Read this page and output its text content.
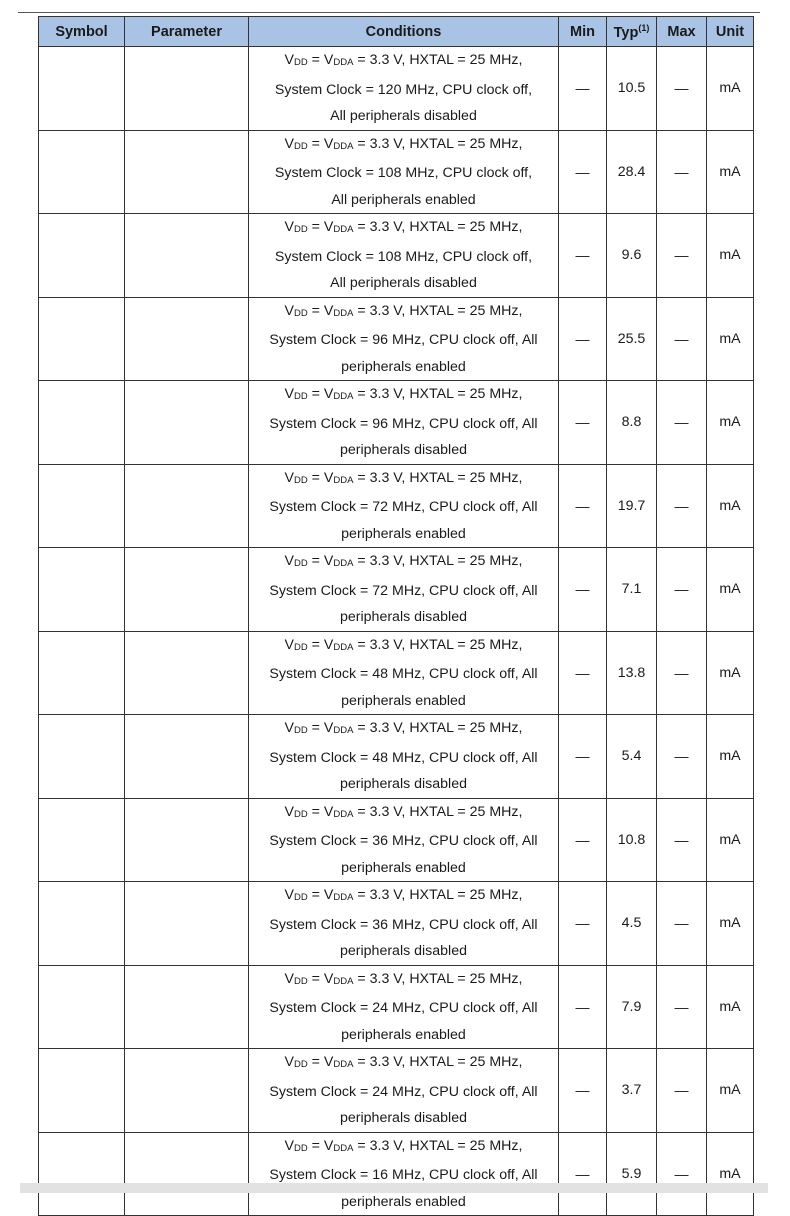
Symbol	Parameter	Conditions	Min	Typ$^{(1)}$	Max	Unit

		$V_{DD} = V_{DDA} = 3.3$ V, HXTAL = 25 MHz,
System Clock = 120 MHz, CPU clock off,
All peripherals disabled	—	10.5	—	mA

		$V_{DD} = V_{DDA} = 3.3$ V, HXTAL = 25 MHz,
System Clock = 108 MHz, CPU clock off,
All peripherals enabled	—	28.4	—	mA

		$V_{DD} = V_{DDA} = 3.3$ V, HXTAL = 25 MHz,
System Clock = 108 MHz, CPU clock off,
All peripherals disabled	—	9.6	—	mA

		$V_{DD} = V_{DDA} = 3.3$ V, HXTAL = 25 MHz,
System Clock = 96 MHz, CPU clock off, All
peripherals enabled	—	25.5	—	mA

		$V_{DD} = V_{DDA} = 3.3$ V, HXTAL = 25 MHz,
System Clock = 96 MHz, CPU clock off, All
peripherals disabled	—	8.8	—	mA

		$V_{DD} = V_{DDA} = 3.3$ V, HXTAL = 25 MHz,
System Clock = 72 MHz, CPU clock off, All
peripherals enabled	—	19.7	—	mA

		$V_{DD} = V_{DDA} = 3.3$ V, HXTAL = 25 MHz,
System Clock = 72 MHz, CPU clock off, All
peripherals disabled	—	7.1	—	mA

		$V_{DD} = V_{DDA} = 3.3$ V, HXTAL = 25 MHz,
System Clock = 48 MHz, CPU clock off, All
peripherals enabled	—	13.8	—	mA

		$V_{DD} = V_{DDA} = 3.3$ V, HXTAL = 25 MHz,
System Clock = 48 MHz, CPU clock off, All
peripherals disabled	—	5.4	—	mA

		$V_{DD} = V_{DDA} = 3.3$ V, HXTAL = 25 MHz,
System Clock = 36 MHz, CPU clock off, All
peripherals enabled	—	10.8	—	mA

		$V_{DD} = V_{DDA} = 3.3$ V, HXTAL = 25 MHz,
System Clock = 36 MHz, CPU clock off, All
peripherals disabled	—	4.5	—	mA

		$V_{DD} = V_{DDA} = 3.3$ V, HXTAL = 25 MHz,
System Clock = 24 MHz, CPU clock off, All
peripherals enabled	—	7.9	—	mA

		$V_{DD} = V_{DDA} = 3.3$ V, HXTAL = 25 MHz,
System Clock = 24 MHz, CPU clock off, All
peripherals disabled	—	3.7	—	mA

		$V_{DD} = V_{DDA} = 3.3$ V, HXTAL = 25 MHz,
System Clock = 16 MHz, CPU clock off, All
peripherals enabled	—	5.9	—	mA
